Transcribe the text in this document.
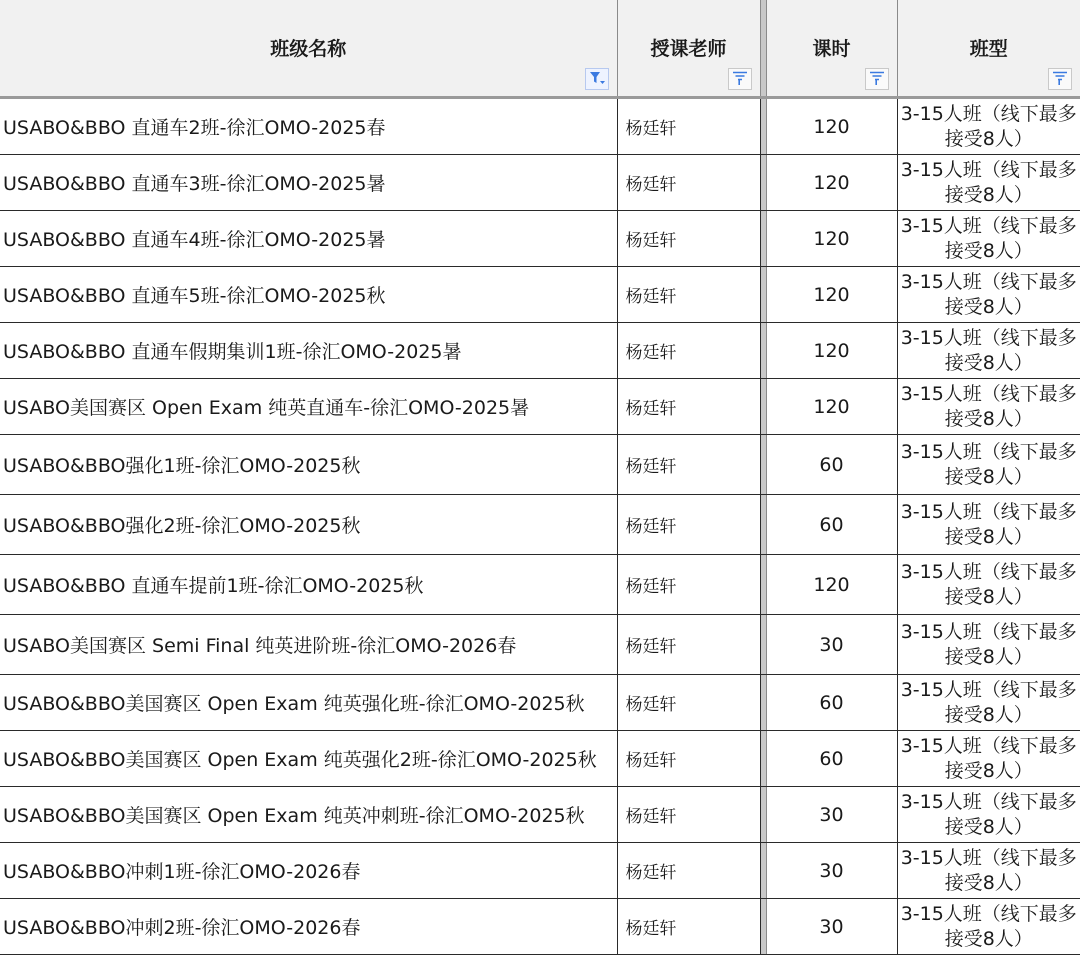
班级名称	授课老师		课时	班型

USABO&BBO 直通车2班-徐汇OMO-2025春	杨廷轩		120	3-15人班（线下最多接受8人）
USABO&BBO 直通车3班-徐汇OMO-2025暑	杨廷轩		120	3-15人班（线下最多接受8人）
USABO&BBO 直通车4班-徐汇OMO-2025暑	杨廷轩		120	3-15人班（线下最多接受8人）
USABO&BBO 直通车5班-徐汇OMO-2025秋	杨廷轩		120	3-15人班（线下最多接受8人）
USABO&BBO 直通车假期集训1班-徐汇OMO-2025暑	杨廷轩		120	3-15人班（线下最多接受8人）
USABO美国赛区 Open Exam 纯英直通车-徐汇OMO-2025暑	杨廷轩		120	3-15人班（线下最多接受8人）
USABO&BBO强化1班-徐汇OMO-2025秋	杨廷轩		60	3-15人班（线下最多接受8人）
USABO&BBO强化2班-徐汇OMO-2025秋	杨廷轩		60	3-15人班（线下最多接受8人）
USABO&BBO 直通车提前1班-徐汇OMO-2025秋	杨廷轩		120	3-15人班（线下最多接受8人）
USABO美国赛区 Semi Final 纯英进阶班-徐汇OMO-2026春	杨廷轩		30	3-15人班（线下最多接受8人）
USABO&BBO美国赛区 Open Exam 纯英强化班-徐汇OMO-2025秋	杨廷轩		60	3-15人班（线下最多接受8人）
USABO&BBO美国赛区 Open Exam 纯英强化2班-徐汇OMO-2025秋	杨廷轩		60	3-15人班（线下最多接受8人）
USABO&BBO美国赛区 Open Exam 纯英冲刺班-徐汇OMO-2025秋	杨廷轩		30	3-15人班（线下最多接受8人）
USABO&BBO冲刺1班-徐汇OMO-2026春	杨廷轩		30	3-15人班（线下最多接受8人）
USABO&BBO冲刺2班-徐汇OMO-2026春	杨廷轩		30	3-15人班（线下最多接受8人）
